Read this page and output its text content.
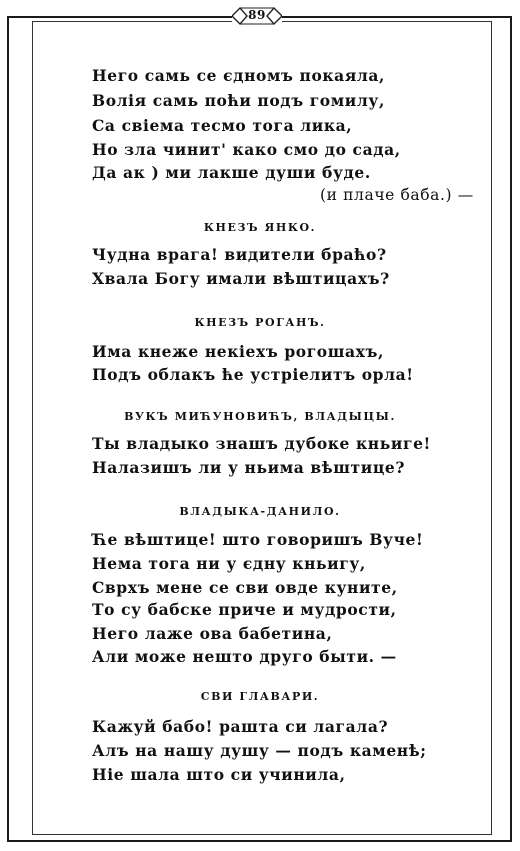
89
Него самь се єдномъ покаяла,
Волiя самь поћи подъ гомилу,
Са свiема тесмо тога лика,
Но зла чинит' како смо до сада,
Да ак ) ми лакше души буде.
(и плаче баба.) —
КНЕЗЪ ЯНКО.
Чудна врага! видители браћо?
Хвала Богу имали вѣштицахъ?
КНЕЗЪ РОГАНЪ.
Има кнеже некiехъ рогошахъ,
Подъ облакъ ће устрiелитъ орла!
ВУКЪ МИЋУНОВИЋЪ, ВЛАДЫЦЫ.
Ты владыко знашъ дубоке кньиге!
Налазишъ ли у ньима вѣштице?
ВЛАДЫКА-ДАНИЛО.
Ће вѣштице! што говоришъ Вуче!
Нема тога ни у єдну кньигу,
Сврхъ мене се сви овде куните,
То су бабске приче и мудрости,
Него лаже ова бабетина,
Али може нешто друго быти. —
СВИ ГЛАВАРИ.
Кажуй бабо! рашта си лагала?
Алъ на нашу душу — подъ каменѣ;
Нiе шала што си учинила,
